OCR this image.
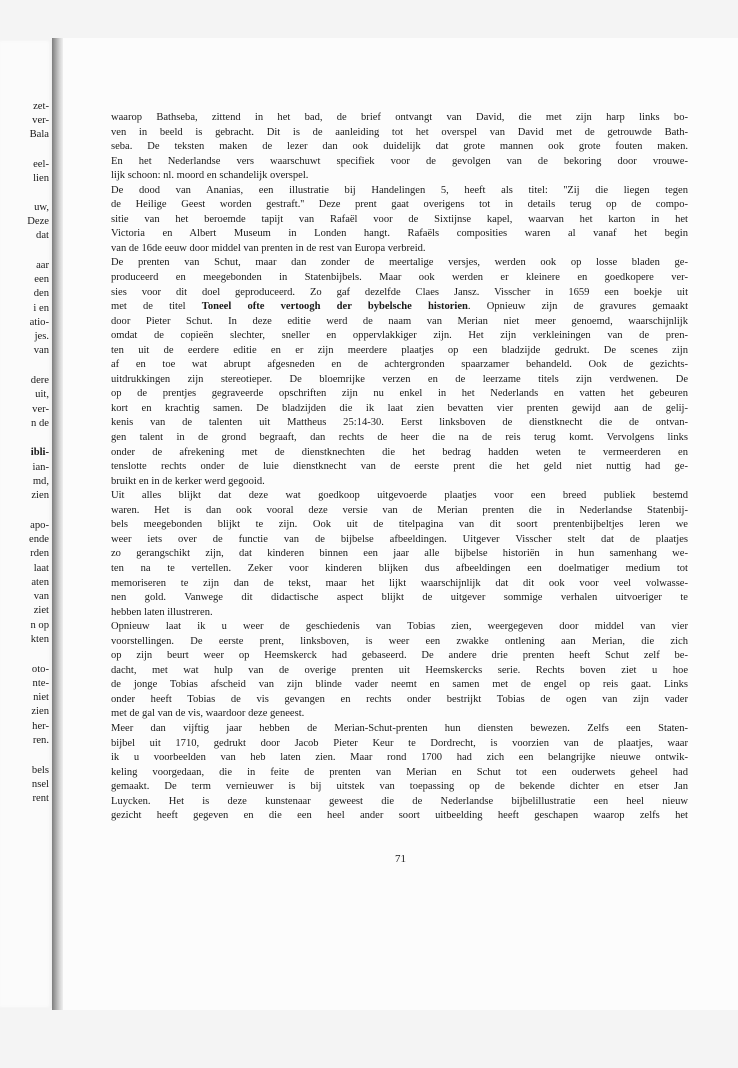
zet-

ver-

Bala

eel-

lien

uw,

Deze

dat

aar

een

den

i en

atio-

jes.

van

dere

uit,

ver-

n de

ibli-

ian-

md,

zien

apo-

ende

rden

laat

aten

van

ziet

n op

kten

oto-

nte-

niet

zien

her-

ren.

bels

nsel

rent

waarop Bathseba, zittend in het bad, de brief ontvangt van David, die met zijn harp links bo-
ven in beeld is gebracht. Dit is de aanleiding tot het overspel van David met de getrouwde Bath-
seba. De teksten maken de lezer dan ook duidelijk dat grote mannen ook grote fouten maken.
En het Nederlandse vers waarschuwt specifiek voor de gevolgen van de bekoring door vrouwe-
lijk schoon: nl. moord en schandelijk overspel.
De dood van Ananias, een illustratie bij Handelingen 5, heeft als titel: ''Zij die liegen tegen
de Heilige Geest worden gestraft.'' Deze prent gaat overigens tot in details terug op de compo-
sitie van het beroemde tapijt van Rafaël voor de Sixtijnse kapel, waarvan het karton in het
Victoria en Albert Museum in Londen hangt. Rafaëls composities waren al vanaf het begin
van de 16de eeuw door middel van prenten in de rest van Europa verbreid.
De prenten van Schut, maar dan zonder de meertalige versjes, werden ook op losse bladen ge-
produceerd en meegebonden in Statenbijbels. Maar ook werden er kleinere en goedkopere ver-
sies voor dit doel geproduceerd. Zo gaf dezelfde Claes Jansz. Visscher in 1659 een boekje uit
met de titel Toneel ofte vertoogh der bybelsche historien. Opnieuw zijn de gravures gemaakt
door Pieter Schut. In deze editie werd de naam van Merian niet meer genoemd, waarschijnlijk
omdat de copieën slechter, sneller en oppervlakkiger zijn. Het zijn verkleiningen van de pren-
ten uit de eerdere editie en er zijn meerdere plaatjes op een bladzijde gedrukt. De scenes zijn
af en toe wat abrupt afgesneden en de achtergronden spaarzamer behandeld. Ook de gezichts-
uitdrukkingen zijn stereotieper. De bloemrijke verzen en de leerzame titels zijn verdwenen. De
op de prentjes gegraveerde opschriften zijn nu enkel in het Nederlands en vatten het gebeuren
kort en krachtig samen. De bladzijden die ik laat zien bevatten vier prenten gewijd aan de gelij-
kenis van de talenten uit Mattheus 25:14-30. Eerst linksboven de dienstknecht die de ontvan-
gen talent in de grond begraaft, dan rechts de heer die na de reis terug komt. Vervolgens links
onder de afrekening met de dienstknechten die het bedrag hadden weten te vermeerderen en
tenslotte rechts onder de luie dienstknecht van de eerste prent die het geld niet nuttig had ge-
bruikt en in de kerker werd gegooid.
Uit alles blijkt dat deze wat goedkoop uitgevoerde plaatjes voor een breed publiek bestemd
waren. Het is dan ook vooral deze versie van de Merian prenten die in Nederlandse Statenbij-
bels meegebonden blijkt te zijn. Ook uit de titelpagina van dit soort prentenbijbeltjes leren we
weer iets over de functie van de bijbelse afbeeldingen. Uitgever Visscher stelt dat de plaatjes
zo gerangschikt zijn, dat kinderen binnen een jaar alle bijbelse historiën in hun samenhang we-
ten na te vertellen. Zeker voor kinderen blijken dus afbeeldingen een doelmatiger medium tot
memoriseren te zijn dan de tekst, maar het lijkt waarschijnlijk dat dit ook voor veel volwasse-
nen gold. Vanwege dit didactische aspect blijkt de uitgever sommige verhalen uitvoeriger te
hebben laten illustreren.
Opnieuw laat ik u weer de geschiedenis van Tobias zien, weergegeven door middel van vier
voorstellingen. De eerste prent, linksboven, is weer een zwakke ontlening aan Merian, die zich
op zijn beurt weer op Heemskerck had gebaseerd. De andere drie prenten heeft Schut zelf be-
dacht, met wat hulp van de overige prenten uit Heemskercks serie. Rechts boven ziet u hoe
de jonge Tobias afscheid van zijn blinde vader neemt en samen met de engel op reis gaat. Links
onder heeft Tobias de vis gevangen en rechts onder bestrijkt Tobias de ogen van zijn vader
met de gal van de vis, waardoor deze geneest.
Meer dan vijftig jaar hebben de Merian-Schut-prenten hun diensten bewezen. Zelfs een Staten-
bijbel uit 1710, gedrukt door Jacob Pieter Keur te Dordrecht, is voorzien van de plaatjes, waar
ik u voorbeelden van heb laten zien. Maar rond 1700 had zich een belangrijke nieuwe ontwik-
keling voorgedaan, die in feite de prenten van Merian en Schut tot een ouderwets geheel had
gemaakt. De term vernieuwer is bij uitstek van toepassing op de bekende dichter en etser Jan
Luycken. Het is deze kunstenaar geweest die de Nederlandse bijbelillustratie een heel nieuw
gezicht heeft gegeven en die een heel ander soort uitbeelding heeft geschapen waarop zelfs het

71
